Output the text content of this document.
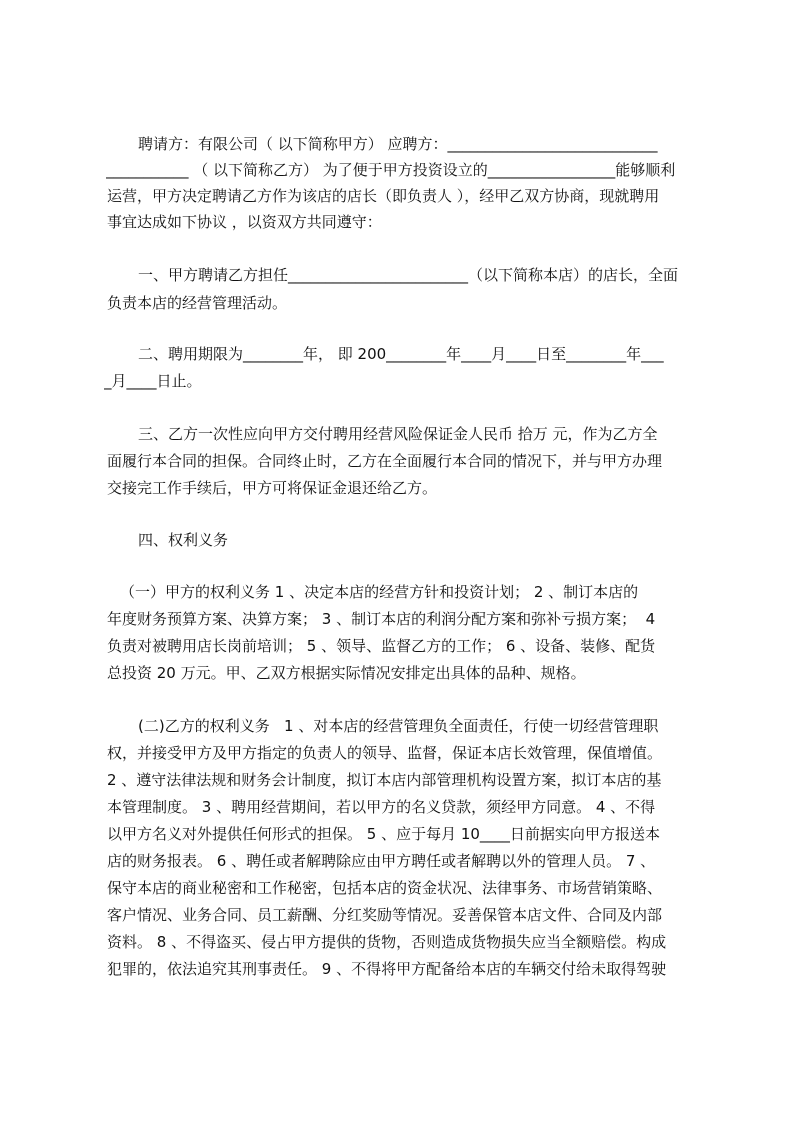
聘请方：有限公司（ 以下简称甲方） 应聘方：____________________________
___________ （ 以下简称乙方） 为了便于甲方投资设立的_________________能够顺利
运营，甲方决定聘请乙方作为该店的店长（即负责人 ），经甲乙双方协商，现就聘用
事宜达成如下协议 ，以资双方共同遵守：
一、甲方聘请乙方担任________________________（以下简称本店）的店长，全面
负责本店的经营管理活动。
二、聘用期限为________年， 即 200________年____月____日至________年___
_月____日止。
三、乙方一次性应向甲方交付聘用经营风险保证金人民币 拾万 元，作为乙方全
面履行本合同的担保。合同终止时，乙方在全面履行本合同的情况下，并与甲方办理
交接完工作手续后，甲方可将保证金退还给乙方。
四、权利义务
（一）甲方的权利义务 1 、决定本店的经营方针和投资计划； 2 、制订本店的
年度财务预算方案、决算方案； 3 、制订本店的利润分配方案和弥补亏损方案；  4
负责对被聘用店长岗前培训； 5 、领导、监督乙方的工作； 6 、设备、装修、配货
总投资 20 万元。甲、乙双方根据实际情况安排定出具体的品种、规格。
(二)乙方的权利义务   1 、对本店的经营管理负全面责任，行使一切经营管理职
权，并接受甲方及甲方指定的负责人的领导、监督，保证本店长效管理，保值增值。
2 、遵守法律法规和财务会计制度，拟订本店内部管理机构设置方案，拟订本店的基
本管理制度。 3 、聘用经营期间，若以甲方的名义贷款，须经甲方同意。 4 、不得
以甲方名义对外提供任何形式的担保。 5 、应于每月 10____日前据实向甲方报送本
店的财务报表。 6 、聘任或者解聘除应由甲方聘任或者解聘以外的管理人员。 7 、
保守本店的商业秘密和工作秘密，包括本店的资金状况、法律事务、市场营销策略、
客户情况、业务合同、员工薪酬、分红奖励等情况。妥善保管本店文件、合同及内部
资料。 8 、不得盗买、侵占甲方提供的货物，否则造成货物损失应当全额赔偿。构成
犯罪的，依法追究其刑事责任。 9 、不得将甲方配备给本店的车辆交付给未取得驾驶
